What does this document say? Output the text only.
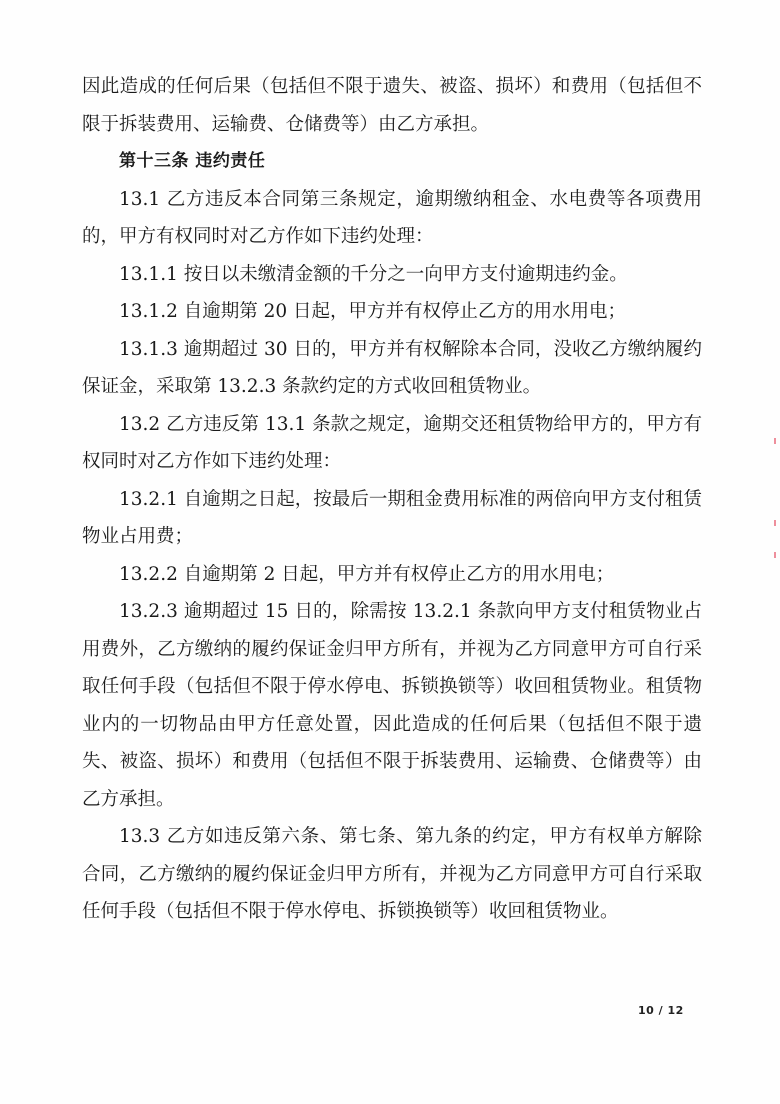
因此造成的任何后果（包括但不限于遗失、被盗、损坏）和费用（包括但不限于拆装费用、运输费、仓储费等）由乙方承担。

第十三条 违约责任

13.1 乙方违反本合同第三条规定，逾期缴纳租金、水电费等各项费用的，甲方有权同时对乙方作如下违约处理：

13.1.1 按日以未缴清金额的千分之一向甲方支付逾期违约金。

13.1.2 自逾期第 20 日起，甲方并有权停止乙方的用水用电；

13.1.3 逾期超过 30 日的，甲方并有权解除本合同，没收乙方缴纳履约保证金，采取第 13.2.3 条款约定的方式收回租赁物业。

13.2 乙方违反第 13.1 条款之规定，逾期交还租赁物给甲方的，甲方有权同时对乙方作如下违约处理：

13.2.1 自逾期之日起，按最后一期租金费用标准的两倍向甲方支付租赁物业占用费；

13.2.2 自逾期第 2 日起，甲方并有权停止乙方的用水用电；

13.2.3 逾期超过 15 日的，除需按 13.2.1 条款向甲方支付租赁物业占用费外，乙方缴纳的履约保证金归甲方所有，并视为乙方同意甲方可自行采取任何手段（包括但不限于停水停电、拆锁换锁等）收回租赁物业。租赁物业内的一切物品由甲方任意处置，因此造成的任何后果（包括但不限于遗失、被盗、损坏）和费用（包括但不限于拆装费用、运输费、仓储费等）由乙方承担。

13.3 乙方如违反第六条、第七条、第九条的约定，甲方有权单方解除合同，乙方缴纳的履约保证金归甲方所有，并视为乙方同意甲方可自行采取任何手段（包括但不限于停水停电、拆锁换锁等）收回租赁物业。

10 / 12
